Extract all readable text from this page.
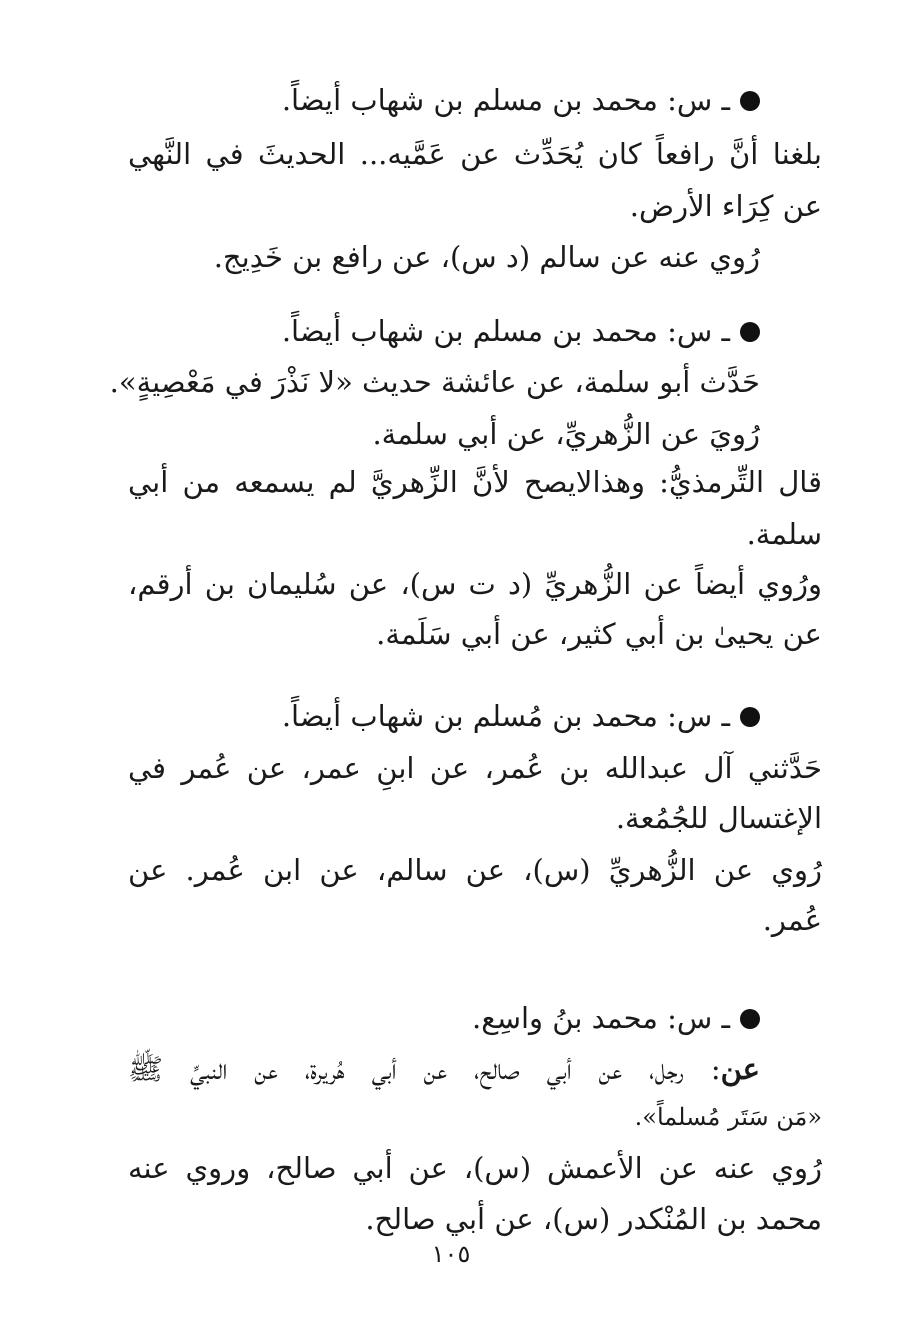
ـ س: محمد بن مسلم بن شهاب أيضاً.
بلغنا أنَّ رافعاً كان يُحَدِّث عن عَمَّيه... الحديثَ في النَّهي
عن كِرَاء الأرض.
رُوي عنه عن سالم (د س)، عن رافع بن خَدِيج.
ـ س: محمد بن مسلم بن شهاب أيضاً.
حَدَّث أبو سلمة، عن عائشة حديث «لا نَذْرَ في مَعْصِيةٍ».
رُويَ عن الزُّهريِّ، عن أبي سلمة.
قال التِّرمذيُّ: وهذالايصح لأنَّ الزِّهريَّ لم يسمعه من أبي
سلمة.
ورُوي أيضاً عن الزُّهريِّ (د ت س)، عن سُليمان بن أرقم،
عن يحيىٰ بن أبي كثير، عن أبي سَلَمة.
ـ س: محمد بن مُسلم بن شهاب أيضاً.
حَدَّثني آل عبدالله بن عُمر، عن ابنِ عمر، عن عُمر في
الإغتسال للجُمُعة.
رُوي عن الزُّهريِّ (س)، عن سالم، عن ابن عُمر. عن
عُمر.
ـ س: محمد بنُ واسِع.
عن: رجل، عن أبي صالح، عن أبي هُريرة، عن النبيِّ ﷺ
«مَن سَتَر مُسلماً».
رُوي عنه عن الأعمش (س)، عن أبي صالح، وروي عنه
محمد بن المُنْكدر (س)، عن أبي صالح.
١٠٥
